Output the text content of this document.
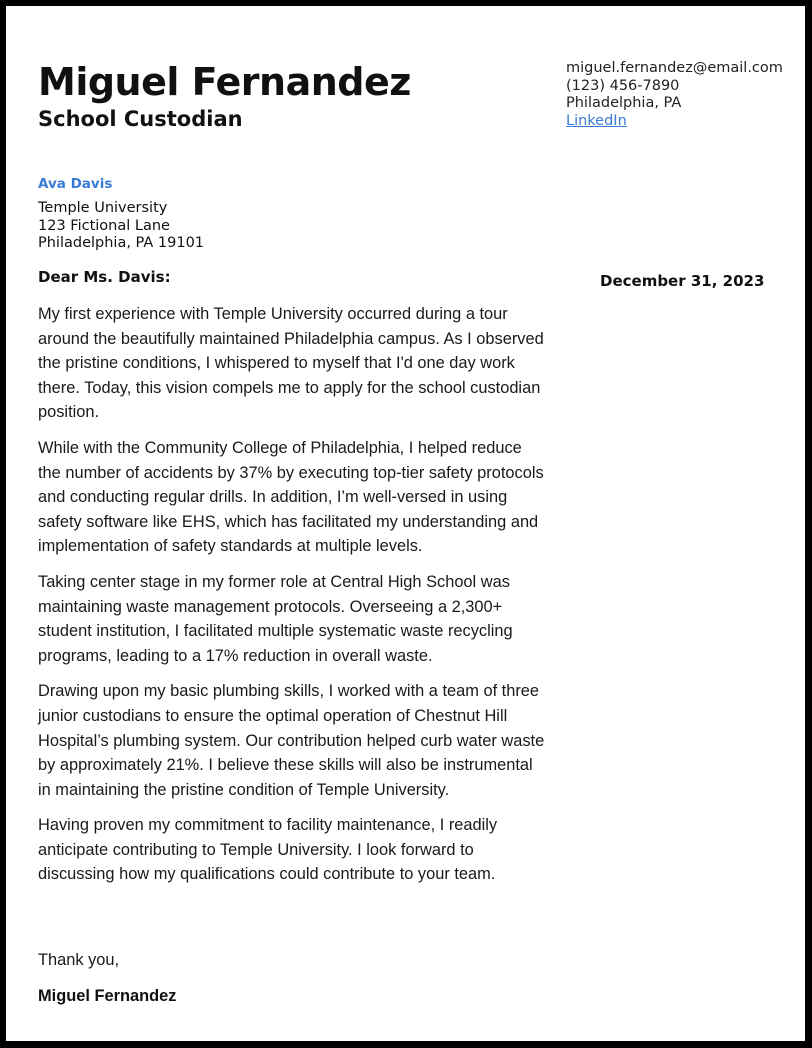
Miguel Fernandez
School Custodian
miguel.fernandez@email.com
(123) 456-7890
Philadelphia, PA
LinkedIn
Ava Davis
Temple University
123 Fictional Lane
Philadelphia, PA 19101
Dear Ms. Davis:	December 31, 2023

My first experience with Temple University occurred during a tour around the beautifully maintained Philadelphia campus. As I observed the pristine conditions, I whispered to myself that I'd one day work there. Today, this vision compels me to apply for the school custodian position.

While with the Community College of Philadelphia, I helped reduce the number of accidents by 37% by executing top-tier safety protocols and conducting regular drills. In addition, I’m well-versed in using safety software like EHS, which has facilitated my understanding and implementation of safety standards at multiple levels.

Taking center stage in my former role at Central High School was maintaining waste management protocols. Overseeing a 2,300+ student institution, I facilitated multiple systematic waste recycling programs, leading to a 17% reduction in overall waste.

Drawing upon my basic plumbing skills, I worked with a team of three junior custodians to ensure the optimal operation of Chestnut Hill Hospital’s plumbing system. Our contribution helped curb water waste by approximately 21%. I believe these skills will also be instrumental in maintaining the pristine condition of Temple University.

Having proven my commitment to facility maintenance, I readily anticipate contributing to Temple University. I look forward to discussing how my qualifications could contribute to your team.

Thank you,
Miguel Fernandez
